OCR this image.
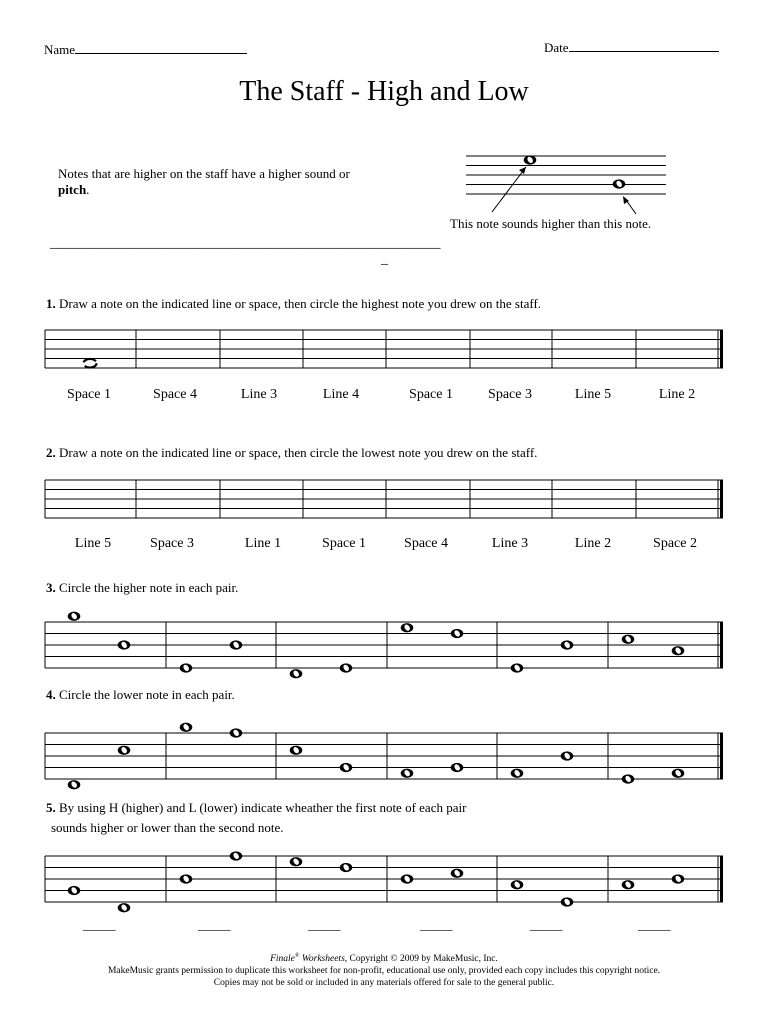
Name	Date
The Staff - High and Low
Notes that are higher on the staff have a higher sound or pitch.
This note sounds higher than this note.
____________________________________________________________
_
1. Draw a note on the indicated line or space, then circle the highest note you drew on the staff.
2. Draw a note on the indicated line or space, then circle the lowest note you drew on the staff.
3. Circle the higher note in each pair.
4. Circle the lower note in each pair.
5. By using H (higher) and L (lower) indicate wheather the first note of each pair
sounds higher or lower than the second note.
Space 1	Space 4	Line 3	Line 4	Space 1	Space 3	Line 5	Line 2
Line 5	Space 3	Line 1	Space 1	Space 4	Line 3	Line 2	Space 2
_____	_____	_____	_____	_____	_____
Finale® Worksheets, Copyright © 2009 by MakeMusic, Inc.
MakeMusic grants permission to duplicate this worksheet for non-profit, educational use only, provided each copy includes this copyright notice.
Copies may not be sold or included in any materials offered for sale to the general public.
